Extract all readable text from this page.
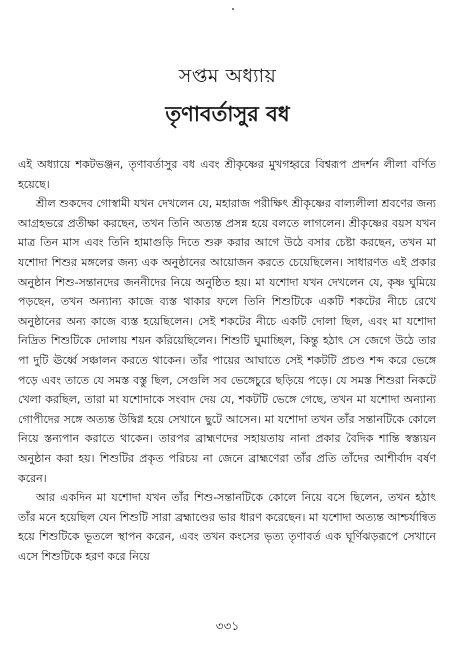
সপ্তম অধ্যায়
তৃণাবর্তাসুর বধ

এই অধ্যায়ে শকটভঞ্জন, তৃণাবর্তাসুর বধ এবং শ্রীকৃষ্ণের মুখগহ্বরে বিশ্বরূপ প্রদর্শন লীলা বর্ণিত হয়েছে।

শ্রীল শুকদেব গোস্বামী যখন দেখলেন যে, মহারাজ পরীক্ষিৎ শ্রীকৃষ্ণের বাল্যলীলা শ্রবণের জন্য আগ্রহভরে প্রতীক্ষা করছেন, তখন তিনি অত্যন্ত প্রসন্ন হয়ে বলতে লাগলেন। শ্রীকৃষ্ণের বয়স যখন মাত্র তিন মাস এবং তিনি হামাগুড়ি দিতে শুরু করার আগে উঠে বসার চেষ্টা করছেন, তখন মা যশোদা শিশুর মঙ্গলের জন্য এক অনুষ্ঠানের আয়োজন করতে চেয়েছিলেন। সাধারণত এই প্রকার অনুষ্ঠান শিশু-সন্তানদের জননীদের নিয়ে অনুষ্ঠিত হয়। মা যশোদা যখন দেখলেন যে, কৃষ্ণ ঘুমিয়ে পড়ছেন, তখন অন্যান্য কাজে ব্যস্ত থাকার ফলে তিনি শিশুটিকে একটি শকটের নীচে রেখে অনুষ্ঠানের অন্য কাজে ব্যস্ত হয়েছিলেন। সেই শকটের নীচে একটি দোলা ছিল, এবং মা যশোদা নিদ্রিত শিশুটিকে দোলায় শয়ন করিয়েছিলেন। শিশুটি ঘুমাচ্ছিল, কিন্তু হঠাৎ সে জেগে উঠে তার পা দুটি ঊর্ধ্বে সঞ্চালন করতে থাকেন। তাঁর পায়ের আঘাতে সেই শকটটি প্রচণ্ড শব্দ করে ভেঙ্গে পড়ে এবং তাতে যে সমস্ত বস্তু ছিল, সেগুলি সব ভেঙ্গেচুরে ছড়িয়ে পড়ে। যে সমস্ত শিশুরা নিকটে খেলা করছিল, তারা মা যশোদাকে সংবাদ দেয় যে, শকটটি ভেঙ্গে গেছে, তখন মা যশোদা অন্যান্য গোপীদের সঙ্গে অত্যন্ত উদ্বিগ্ন হয়ে সেখানে ছুটে আসেন। মা যশোদা তখন তাঁর সন্তানটিকে কোলে নিয়ে স্তন্যপান করাতে থাকেন। তারপর ব্রাহ্মণদের সহায়তায় নানা প্রকার বৈদিক শান্তি স্বস্ত্যয়ন অনুষ্ঠান করা হয়। শিশুটির প্রকৃত পরিচয় না জেনে ব্রাহ্মণেরা তাঁর প্রতি তাঁদের আশীর্বাদ বর্ষণ করেন।

আর একদিন মা যশোদা যখন তাঁর শিশু-সন্তানটিকে কোলে নিয়ে বসে ছিলেন, তখন হঠাৎ তাঁর মনে হয়েছিল যেন শিশুটি সারা ব্রহ্মাণ্ডের ভার ধারণ করেছেন। মা যশোদা অত্যন্ত আশ্চর্যান্বিত হয়ে শিশুটিকে ভূতলে স্থাপন করেন, এবং তখন কংসের ভৃত্য তৃণাবর্ত এক ঘূর্ণিঝড়রূপে সেখানে এসে শিশুটিকে হরণ করে নিয়ে

৩৩১
